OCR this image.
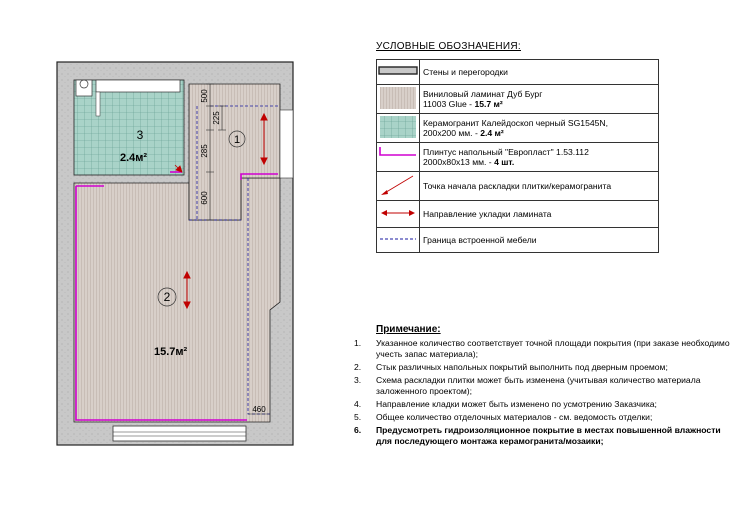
1
2
3
2.4м²
15.7м²
500
225
285
600
460
УСЛОВНЫЕ ОБОЗНАЧЕНИЯ:
	Стены и перегородки
	Виниловый ламинат Дуб Бург
11003 Glue - 15.7 м²
	Керамогранит Калейдоскоп черный SG1545N,
200x200 мм. - 2.4 м²
	Плинтус напольный "Европласт" 1.53.112
2000x80x13 мм. - 4 шт.
	Точка начала раскладки плитки/керамогранита
	Направление укладки ламината
	Граница встроенной мебели
Примечание:
1. Указанное количество соответствует точной площади покрытия (при заказе необходимо учесть запас материала);
2. Стык различных напольных покрытий выполнить под дверным проемом;
3. Схема раскладки плитки может быть изменена (учитывая количество материала заложенного проектом);
4. Направление кладки может быть изменено по усмотрению Заказчика;
5. Общее количество отделочных материалов - см. ведомость отделки;
6. Предусмотреть гидроизоляционное покрытие в местах повышенной влажности для последующего монтажа керамогранита/мозаики;
